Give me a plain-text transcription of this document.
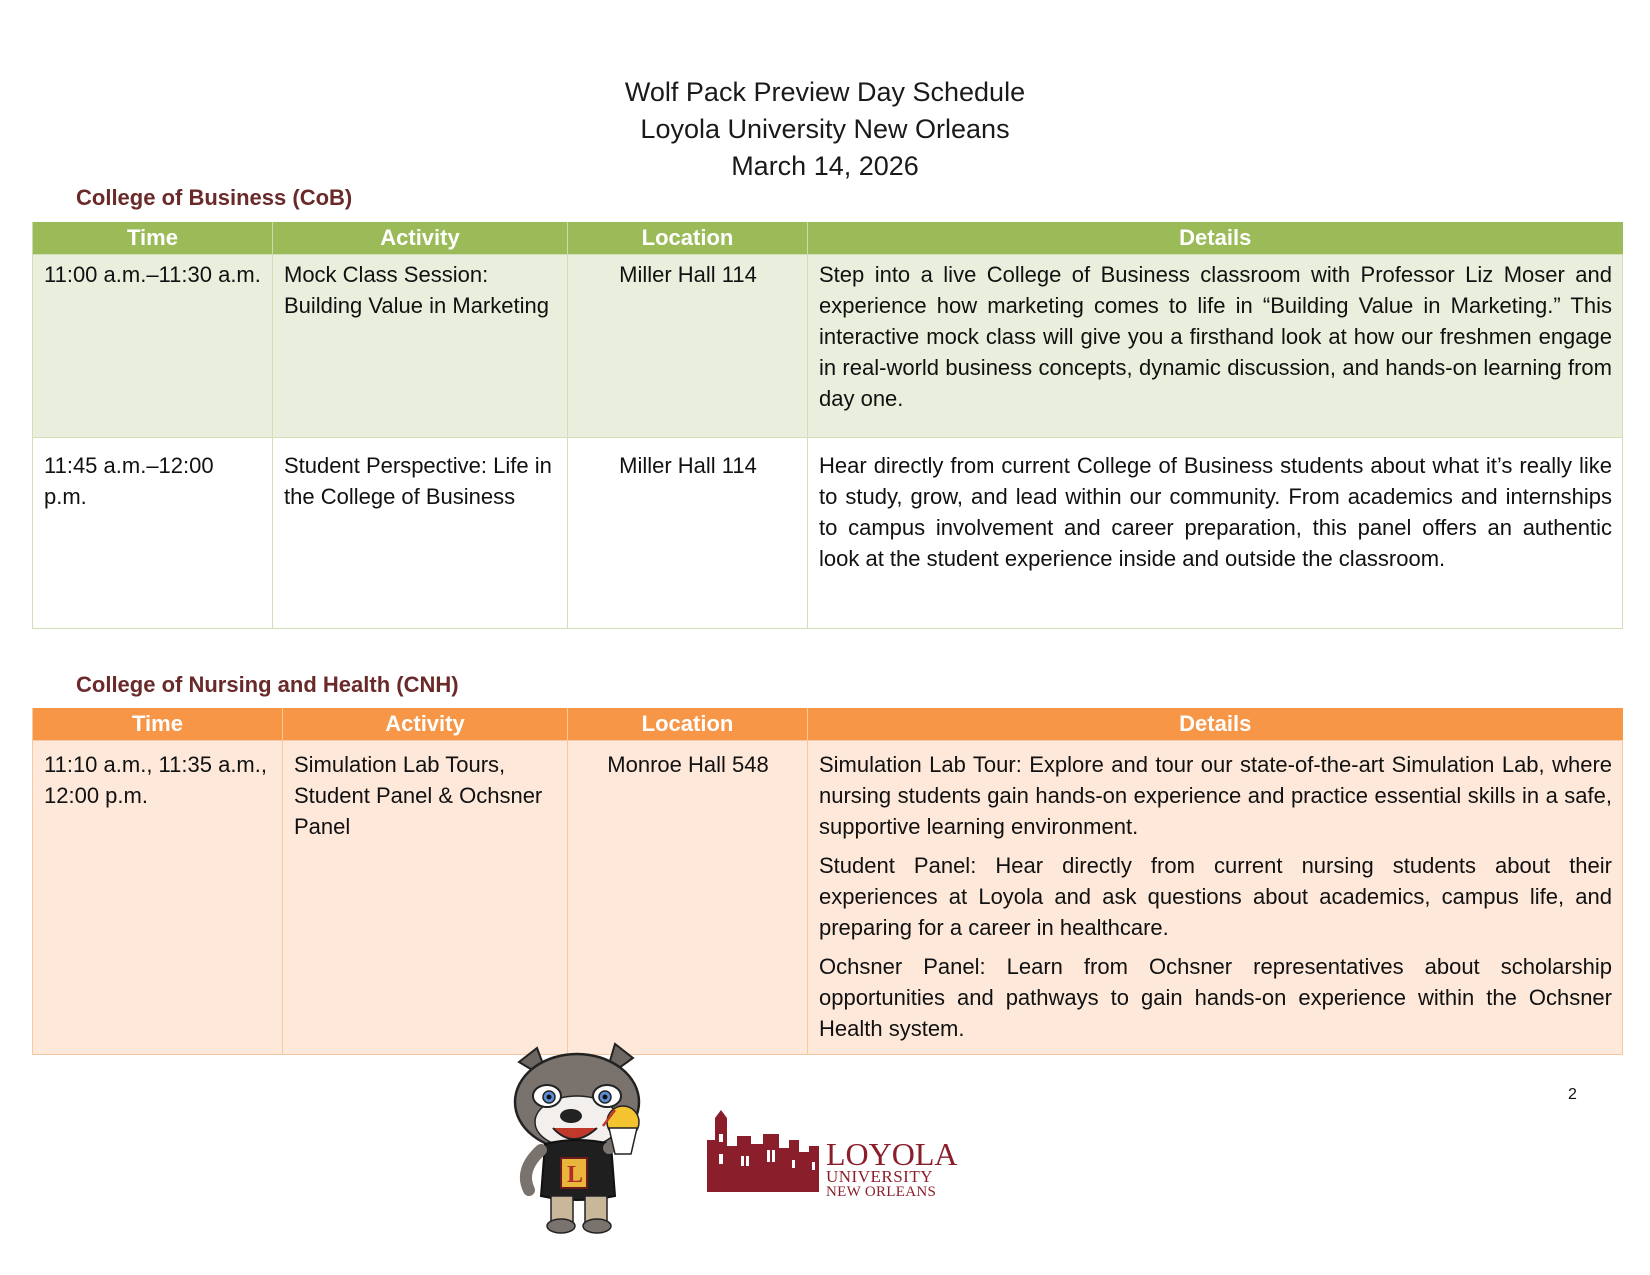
Wolf Pack Preview Day Schedule
Loyola University New Orleans
March 14, 2026
College of Business (CoB)
Time	Activity	Location	Details
11:00 a.m.–11:30 a.m.	Mock Class Session: Building Value in Marketing	Miller Hall 114	Step into a live College of Business classroom with Professor Liz Moser and experience how marketing comes to life in “Building Value in Marketing.” This interactive mock class will give you a firsthand look at how our freshmen engage in real-world business concepts, dynamic discussion, and hands-on learning from day one.
11:45 a.m.–12:00 p.m.	Student Perspective: Life in the College of Business	Miller Hall 114	Hear directly from current College of Business students about what it’s really like to study, grow, and lead within our community. From academics and internships to campus involvement and career preparation, this panel offers an authentic look at the student experience inside and outside the classroom.
College of Nursing and Health (CNH)
Time	Activity	Location	Details
11:10 a.m., 11:35 a.m., 12:00 p.m.	Simulation Lab Tours, Student Panel & Ochsner Panel	Monroe Hall 548	Simulation Lab Tour: Explore and tour our state-of-the-art Simulation Lab, where nursing students gain hands-on experience and practice essential skills in a safe, supportive learning environment.

Student Panel: Hear directly from current nursing students about their experiences at Loyola and ask questions about academics, campus life, and preparing for a career in healthcare.

Ochsner Panel: Learn from Ochsner representatives about scholarship opportunities and pathways to gain hands-on experience within the Ochsner Health system.

L
LOYOLA
UNIVERSITY
NEW ORLEANS
2
